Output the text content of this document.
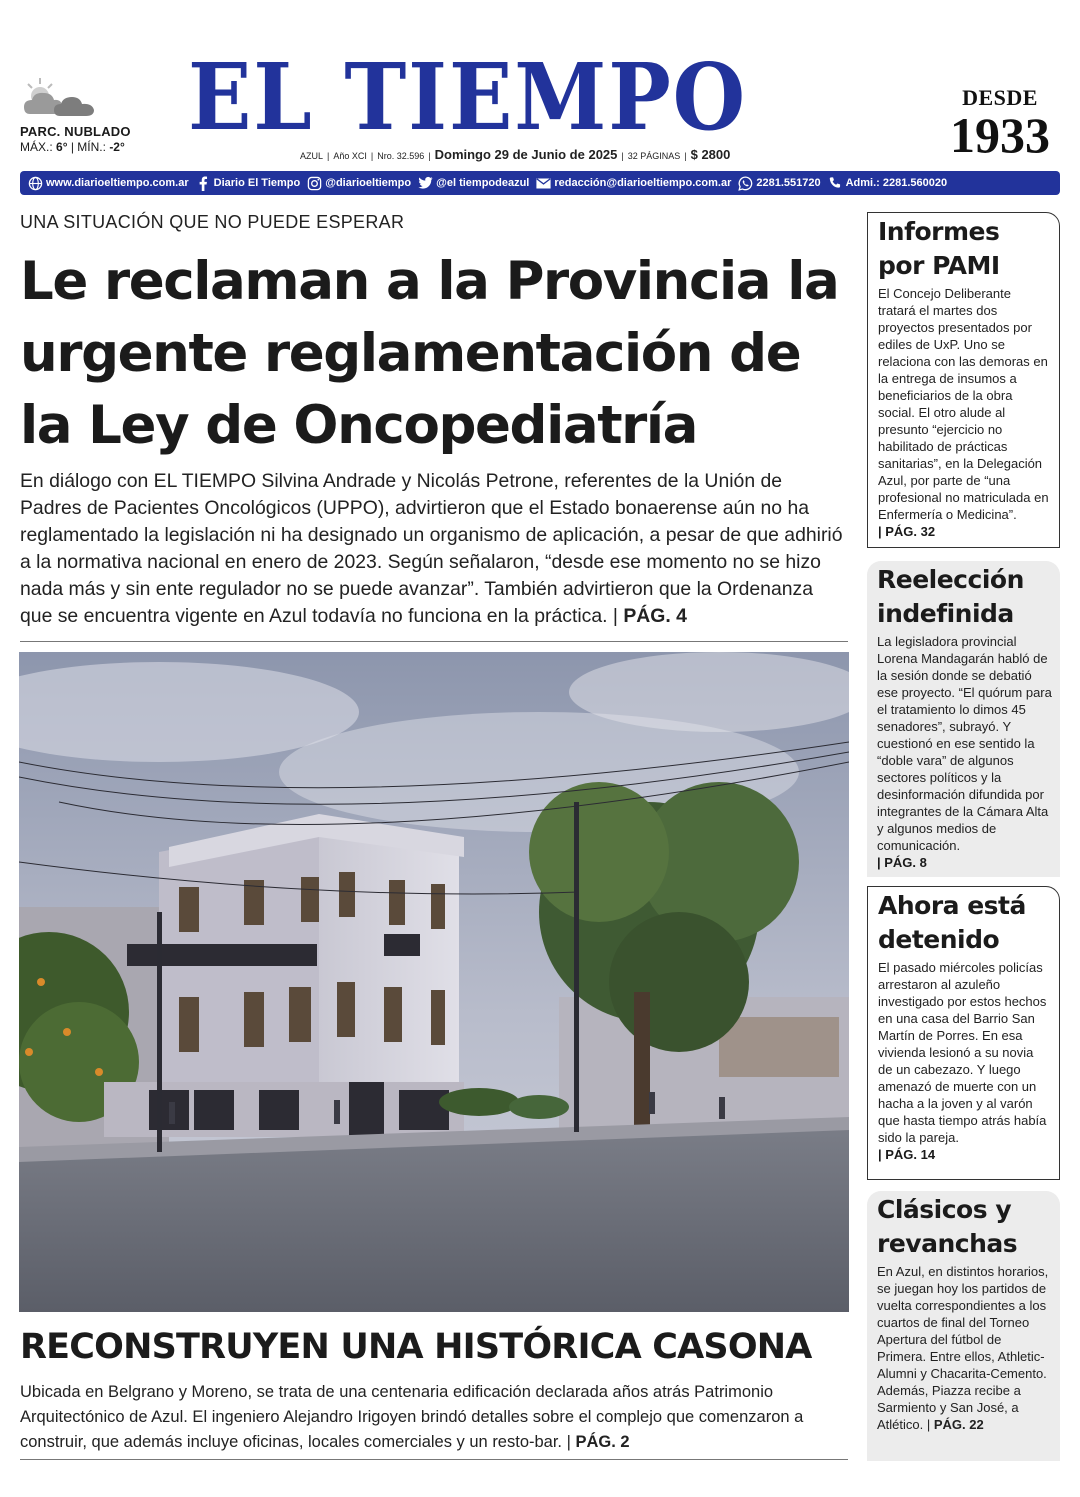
PARC. NUBLADO
MÁX.: 6° | MÍN.: -2° EL TIEMPO	DESDE
1933
AZUL | Año XCI | Nro. 32.596 | Domingo 29 de Junio de 2025 | 32 PÁGINAS | $ 2800
www.diarioeltiempo.com.ar Diario El Tiempo @diarioeltiempo @el tiempodeazul redacción@diarioeltiempo.com.ar 2281.551720 Admi.: 2281.560020
UNA SITUACIÓN QUE NO PUEDE ESPERAR
Le reclaman a la Provincia la urgente reglamentación de la Ley de Oncopediatría

En diálogo con EL TIEMPO Silvina Andrade y Nicolás Petrone, referentes de la Unión de Padres de Pacientes Oncológicos (UPPO), advirtieron que el Estado bonaerense aún no ha reglamentado la legislación ni ha designado un organismo de aplicación, a pesar de que adhirió a la normativa nacional en enero de 2023. Según señalaron, “desde ese momento no se hizo nada más y sin ente regulador no se puede avanzar”. También advirtieron que la Ordenanza que se encuentra vigente en Azul todavía no funciona en la práctica. | PÁG. 4

RECONSTRUYEN UNA HISTÓRICA CASONA

Ubicada en Belgrano y Moreno, se trata de una centenaria edificación declarada años atrás Patrimonio Arquitectónico de Azul. El ingeniero Alejandro Irigoyen brindó detalles sobre el complejo que comenzaron a construir, que además incluye oficinas, locales comerciales y un resto-bar. | PÁG. 2

Informes por PAMI

El Concejo Deliberante tratará el martes dos proyectos presentados por ediles de UxP. Uno se relaciona con las demoras en la entrega de insumos a beneficiarios de la obra social. El otro alude al presunto “ejercicio no habilitado de prácticas sanitarias”, en la Delegación Azul, por parte de “una profesional no matriculada en Enfermería o Medicina”.

| PÁG. 32
Reelección indefinida

La legisladora provincial Lorena Mandagarán habló de la sesión donde se debatió ese proyecto. “El quórum para el tratamiento lo dimos 45 senadores”, subrayó. Y cuestionó en ese sentido la “doble vara” de algunos sectores políticos y la desinformación difundida por integrantes de la Cámara Alta y algunos medios de comunicación.

| PÁG. 8
Ahora está detenido

El pasado miércoles policías arrestaron al azuleño investigado por estos hechos en una casa del Barrio San Martín de Porres. En esa vivienda lesionó a su novia de un cabezazo. Y luego amenazó de muerte con un hacha a la joven y al varón que hasta tiempo atrás había sido la pareja.

| PÁG. 14
Clásicos y revanchas

En Azul, en distintos horarios, se juegan hoy los partidos de vuelta correspondientes a los cuartos de final del Torneo Apertura del fútbol de Primera. Entre ellos, Athletic-Alumni y Chacarita-Cemento. Además, Piazza recibe a Sarmiento y San José, a Atlético. | PÁG. 22
